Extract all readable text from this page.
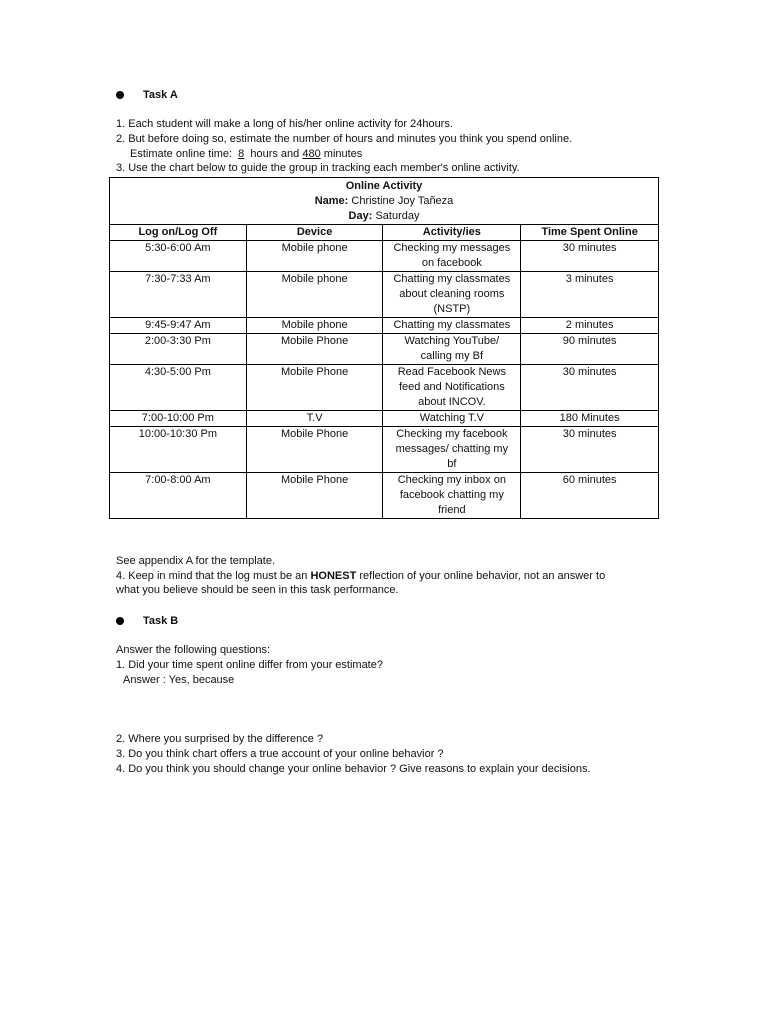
Task A
1. Each student will make a long of his/her online activity for 24hours.
2. But before doing so, estimate the number of hours and minutes you think you spend online.
Estimate online time: 8 hours and 480 minutes
3. Use the chart below to guide the group in tracking each member's online activity.
Online Activity
Name: Christine Joy Tañeza
Day: Saturday			

Log on/Log Off	Device	Activity/ies	Time Spent Online
5:30-6:00 Am	Mobile phone	Checking my messages
on facebook	30 minutes
7:30-7:33 Am	Mobile phone	Chatting my classmates
about cleaning rooms
(NSTP)	3 minutes
9:45-9:47 Am	Mobile phone	Chatting my classmates	2 minutes
2:00-3:30 Pm	Mobile Phone	Watching YouTube/
calling my Bf	90 minutes
4:30-5:00 Pm	Mobile Phone	Read Facebook News
feed and Notifications
about INCOV.	30 minutes
7:00-10:00 Pm	T.V	Watching T.V	180 Minutes
10:00-10:30 Pm	Mobile Phone	Checking my facebook
messages/ chatting my
bf	30 minutes
7:00-8:00 Am	Mobile Phone	Checking my inbox on
facebook chatting my
friend	60 minutes
See appendix A for the template.
4. Keep in mind that the log must be an HONEST reflection of your online behavior, not an answer to
what you believe should be seen in this task performance.
Task B
Answer the following questions:
1. Did your time spent online differ from your estimate?
Answer : Yes, because
2. Where you surprised by the difference ?
3. Do you think chart offers a true account of your online behavior ?
4. Do you think you should change your online behavior ? Give reasons to explain your decisions.
